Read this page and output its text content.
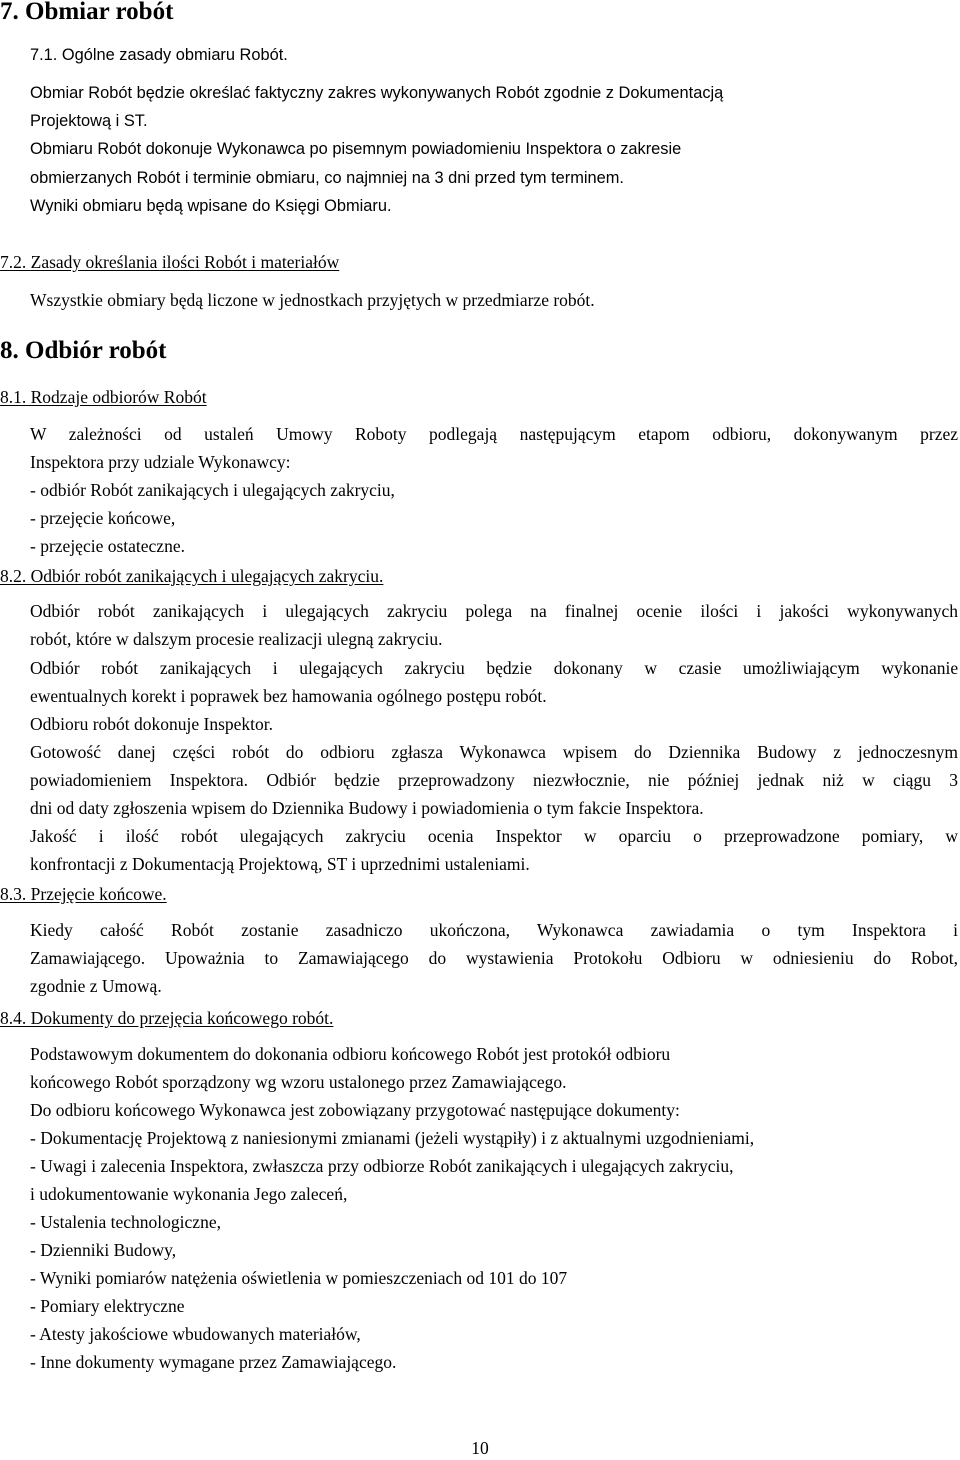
7. Obmiar robót
7.1. Ogólne zasady obmiaru Robót.
Obmiar Robót będzie określać faktyczny zakres wykonywanych Robót zgodnie z Dokumentacją
Projektową i ST.
Obmiaru Robót dokonuje Wykonawca po pisemnym powiadomieniu Inspektora o zakresie
obmierzanych Robót i terminie obmiaru, co najmniej na 3 dni przed tym terminem.
Wyniki obmiaru będą wpisane do Księgi Obmiaru.
7.2. Zasady określania ilości Robót i materiałów
Wszystkie obmiary będą liczone w jednostkach przyjętych w przedmiarze robót.
8. Odbiór robót
8.1. Rodzaje odbiorów Robót
W zależności od ustaleń Umowy Roboty podlegają następującym etapom odbioru, dokonywanym przez
Inspektora przy udziale Wykonawcy:
- odbiór Robót zanikających i ulegających zakryciu,
- przejęcie końcowe,
- przejęcie ostateczne.
8.2. Odbiór robót zanikających i ulegających zakryciu.
Odbiór robót zanikających i ulegających zakryciu polega na finalnej ocenie ilości i jakości wykonywanych
robót, które w dalszym procesie realizacji ulegną zakryciu.
Odbiór robót zanikających i ulegających zakryciu będzie dokonany w czasie umożliwiającym wykonanie
ewentualnych korekt i poprawek bez hamowania ogólnego postępu robót.
Odbioru robót dokonuje Inspektor.
Gotowość danej części robót do odbioru zgłasza Wykonawca wpisem do Dziennika Budowy z jednoczesnym
powiadomieniem Inspektora. Odbiór będzie przeprowadzony niezwłocznie, nie później jednak niż w ciągu 3
dni od daty zgłoszenia wpisem do Dziennika Budowy i powiadomienia o tym fakcie Inspektora.
Jakość i ilość robót ulegających zakryciu ocenia Inspektor w oparciu o przeprowadzone pomiary, w
konfrontacji z Dokumentacją Projektową, ST i uprzednimi ustaleniami.
8.3. Przejęcie końcowe.
Kiedy całość Robót zostanie zasadniczo ukończona, Wykonawca zawiadamia o tym Inspektora i
Zamawiającego. Upoważnia to Zamawiającego do wystawienia Protokołu Odbioru w odniesieniu do Robot,
zgodnie z Umową.
8.4. Dokumenty do przejęcia końcowego robót.
Podstawowym dokumentem do dokonania odbioru końcowego Robót jest protokół odbioru
końcowego Robót sporządzony wg wzoru ustalonego przez Zamawiającego.
Do odbioru końcowego Wykonawca jest zobowiązany przygotować następujące dokumenty:
- Dokumentację Projektową z naniesionymi zmianami (jeżeli wystąpiły) i z aktualnymi uzgodnieniami,
- Uwagi i zalecenia Inspektora, zwłaszcza przy odbiorze Robót zanikających i ulegających zakryciu,
i udokumentowanie wykonania Jego zaleceń,
- Ustalenia technologiczne,
- Dzienniki Budowy,
- Wyniki pomiarów natężenia oświetlenia w pomieszczeniach od 101 do 107
- Pomiary elektryczne
- Atesty jakościowe wbudowanych materiałów,
- Inne dokumenty wymagane przez Zamawiającego.
10
